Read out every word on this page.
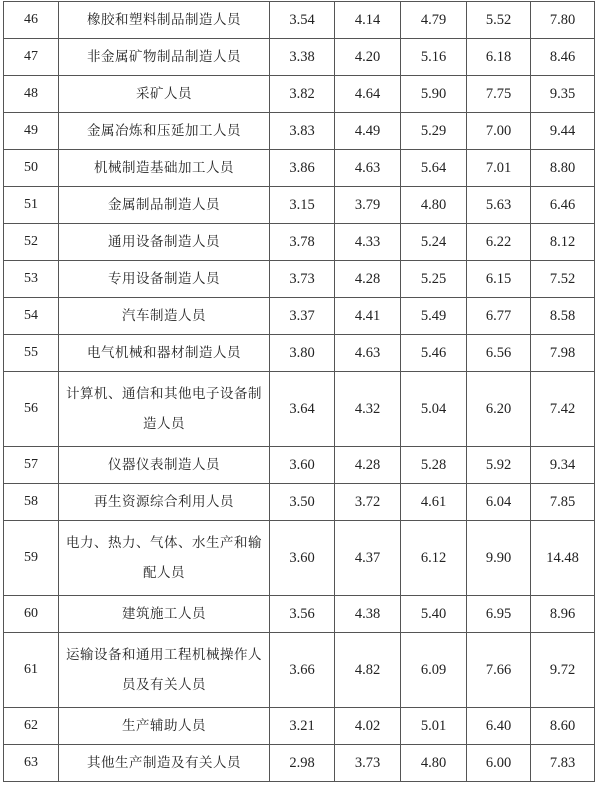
46	橡胶和塑料制品制造人员	3.54	4.14	4.79	5.52	7.80
47	非金属矿物制品制造人员	3.38	4.20	5.16	6.18	8.46
48	采矿人员	3.82	4.64	5.90	7.75	9.35
49	金属冶炼和压延加工人员	3.83	4.49	5.29	7.00	9.44
50	机械制造基础加工人员	3.86	4.63	5.64	7.01	8.80
51	金属制品制造人员	3.15	3.79	4.80	5.63	6.46
52	通用设备制造人员	3.78	4.33	5.24	6.22	8.12
53	专用设备制造人员	3.73	4.28	5.25	6.15	7.52
54	汽车制造人员	3.37	4.41	5.49	6.77	8.58
55	电气机械和器材制造人员	3.80	4.63	5.46	6.56	7.98
56	计算机、通信和其他电子设备制造人员	3.64	4.32	5.04	6.20	7.42
57	仪器仪表制造人员	3.60	4.28	5.28	5.92	9.34
58	再生资源综合利用人员	3.50	3.72	4.61	6.04	7.85
59	电力、热力、气体、水生产和输配人员	3.60	4.37	6.12	9.90	14.48
60	建筑施工人员	3.56	4.38	5.40	6.95	8.96
61	运输设备和通用工程机械操作人员及有关人员	3.66	4.82	6.09	7.66	9.72
62	生产辅助人员	3.21	4.02	5.01	6.40	8.60
63	其他生产制造及有关人员	2.98	3.73	4.80	6.00	7.83
